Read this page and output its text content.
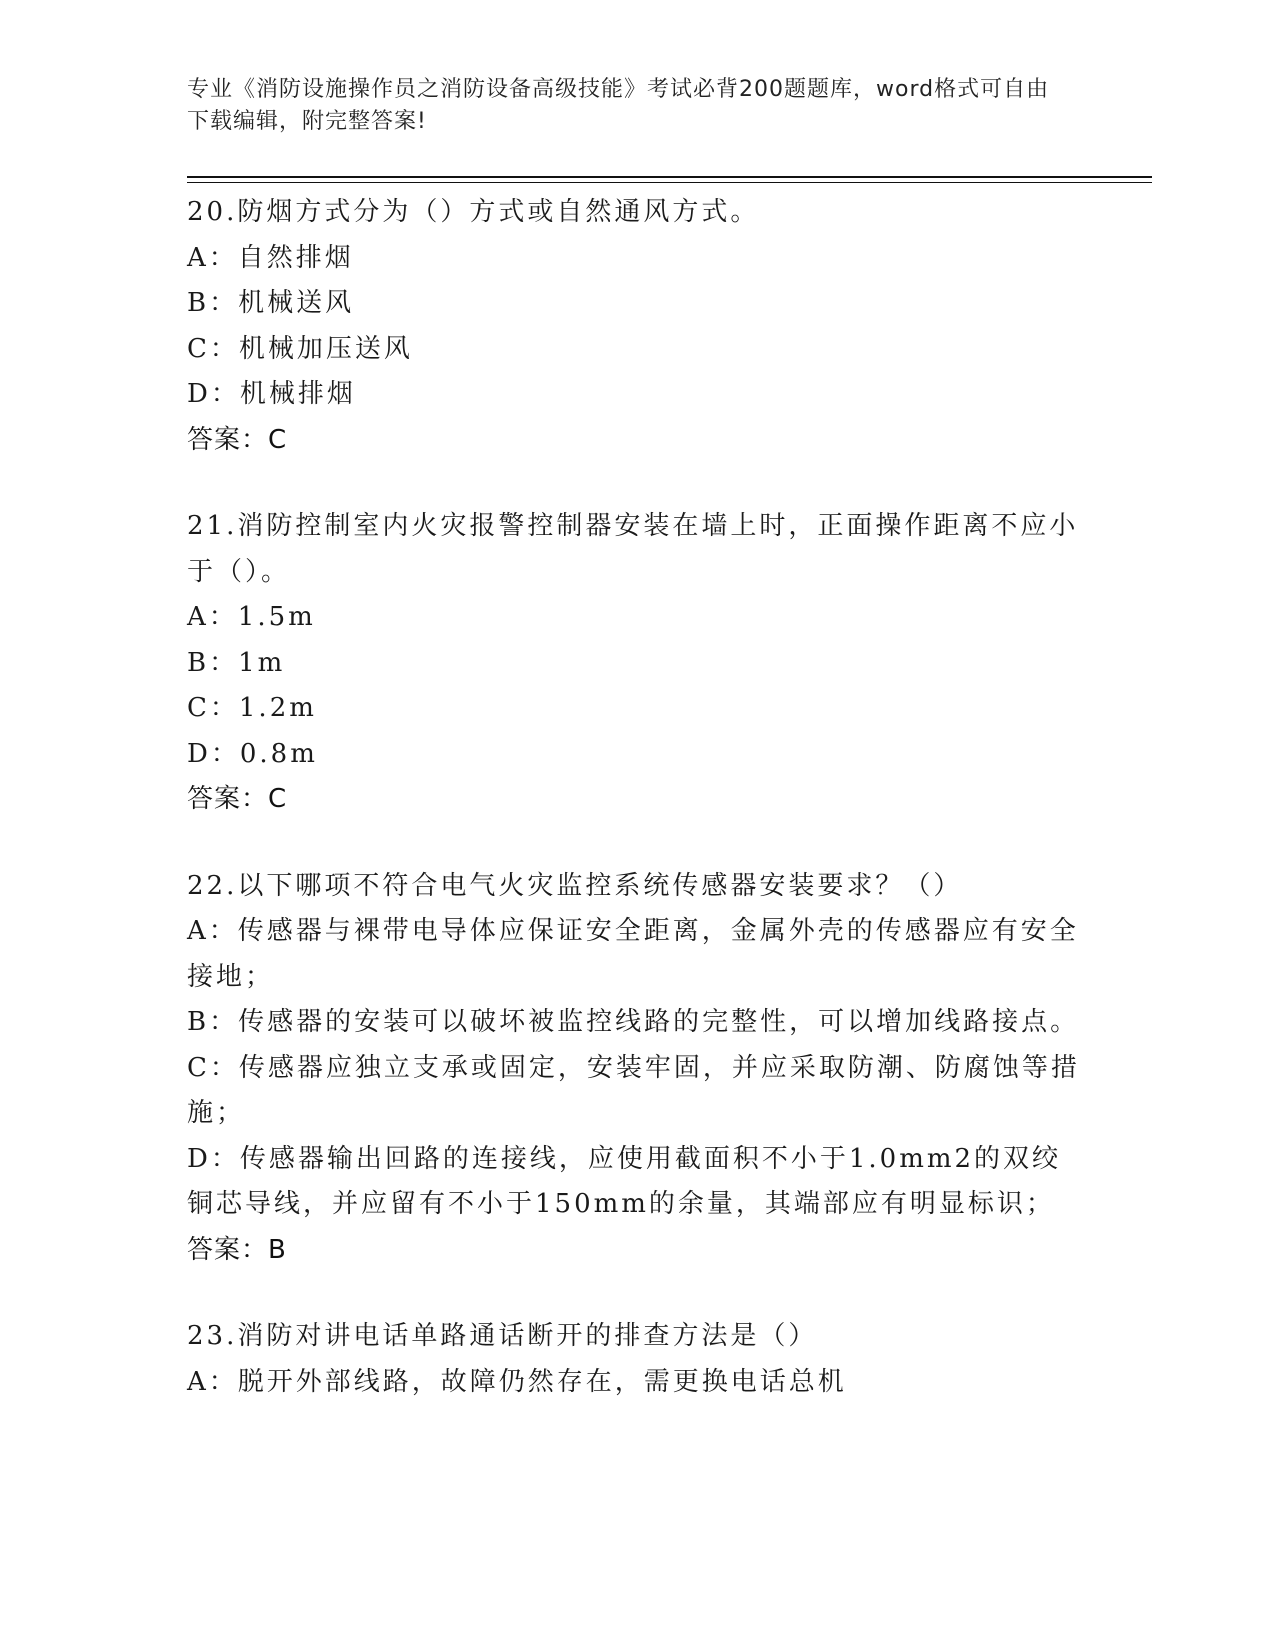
专业《消防设施操作员之消防设备高级技能》考试必背200题题库，word格式可自由下载编辑，附完整答案!

20.防烟方式分为（）方式或自然通风方式。

A：自然排烟

B：机械送风

C：机械加压送风

D：机械排烟

答案：C

21.消防控制室内火灾报警控制器安装在墙上时，正面操作距离不应小于（）。

A：1.5m

B：1m

C：1.2m

D：0.8m

答案：C

22.以下哪项不符合电气火灾监控系统传感器安装要求？（）

A：传感器与裸带电导体应保证安全距离，金属外壳的传感器应有安全接地；

B：传感器的安装可以破坏被监控线路的完整性，可以增加线路接点。

C：传感器应独立支承或固定，安装牢固，并应采取防潮、防腐蚀等措施；

D：传感器输出回路的连接线，应使用截面积不小于1.0mm2的双绞铜芯导线，并应留有不小于150mm的余量，其端部应有明显标识；

答案：B

23.消防对讲电话单路通话断开的排查方法是（）

A：脱开外部线路，故障仍然存在，需更换电话总机
